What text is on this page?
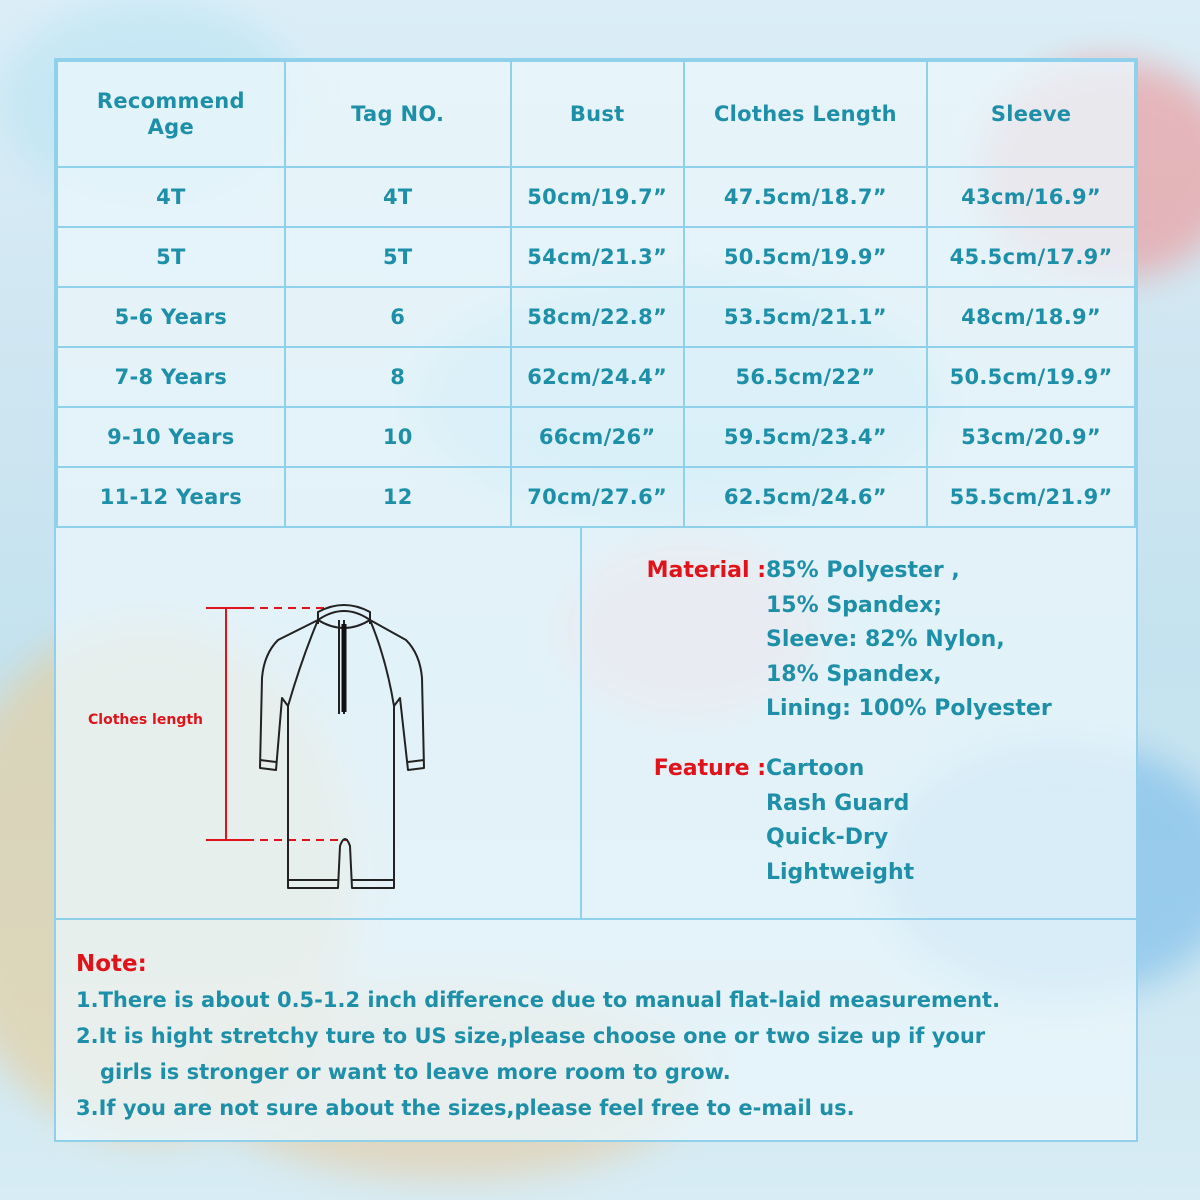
Recommend Age	Tag NO.	Bust	Clothes Length	Sleeve
4T	4T	50cm/19.7”	47.5cm/18.7”	43cm/16.9”
5T	5T	54cm/21.3”	50.5cm/19.9”	45.5cm/17.9”
5-6 Years	6	58cm/22.8”	53.5cm/21.1”	48cm/18.9”
7-8 Years	8	62cm/24.4”	56.5cm/22”	50.5cm/19.9”
9-10 Years	10	66cm/26”	59.5cm/23.4”	53cm/20.9”
11-12 Years	12	70cm/27.6”	62.5cm/24.6”	55.5cm/21.9”
Clothes length
Material : 85% Polyester ,
15% Spandex;
Sleeve: 82% Nylon,
18% Spandex,
Lining: 100% Polyester
Feature : Cartoon
Rash Guard
Quick-Dry
Lightweight
Note:
1.There is about 0.5-1.2 inch difference due to manual flat-laid measurement.
2.It is hight stretchy ture to US size,please choose one or two size up if your
girls is stronger or want to leave more room to grow.
3.If you are not sure about the sizes,please feel free to e-mail us.
